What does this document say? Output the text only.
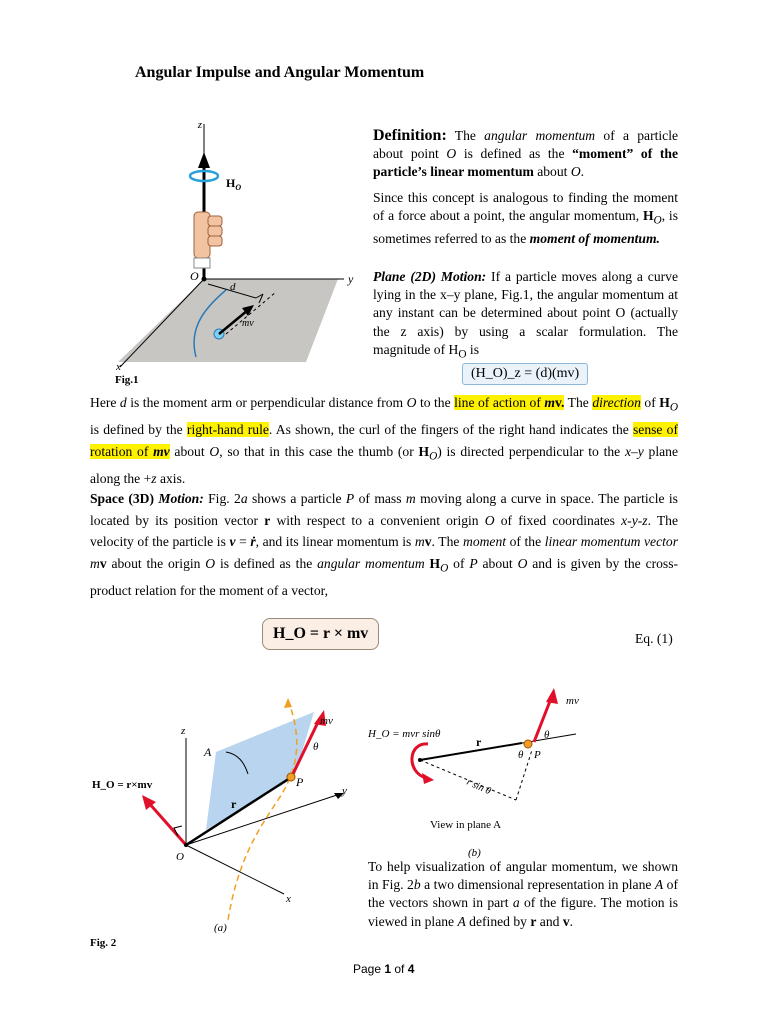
Angular Impulse and Angular Momentum
z
y
x
O
$H_O$
d
mv
Fig.1
Definition: The angular momentum of a particle about point O is defined as the “moment” of the particle’s linear momentum about O.
Since this concept is analogous to finding the moment of a force about a point, the angular momentum, $H_O$, is sometimes referred to as the moment of momentum.
Plane (2D) Motion: If a particle moves along a curve lying in the x–y plane, Fig.1, the angular momentum at any instant can be determined about point O (actually the z axis) by using a scalar formulation. The magnitude of $H_O$ is
(H_O)_z = (d)(mv)
Here d is the moment arm or perpendicular distance from O to the line of action of mv. The direction of $H_O$ is defined by the right-hand rule. As shown, the curl of the fingers of the right hand indicates the sense of rotation of mv about O, so that in this case the thumb (or $H_O$) is directed perpendicular to the x–y plane along the +z axis.
Space (3D) Motion: Fig. 2a shows a particle P of mass m moving along a curve in space. The particle is located by its position vector r with respect to a convenient origin O of fixed coordinates x-y-z. The velocity of the particle is v = ṙ, and its linear momentum is mv. The moment of the linear momentum vector mv about the origin O is defined as the angular momentum $H_O$ of P about O and is given by the cross-product relation for the moment of a vector,
H_O = r × mv	Eq. (1)
z
y
x
O
A
P
r
θ
mv
H_O = r×mv
(a)
Fig. 2
H_O = mvr sinθ
r	θ
θ P
r sin θ
mv
View in plane A
(b)
To help visualization of angular momentum, we shown in Fig. 2b a two dimensional representation in plane A of the vectors shown in part a of the figure. The motion is viewed in plane A defined by r and v.
Page 1 of 4
